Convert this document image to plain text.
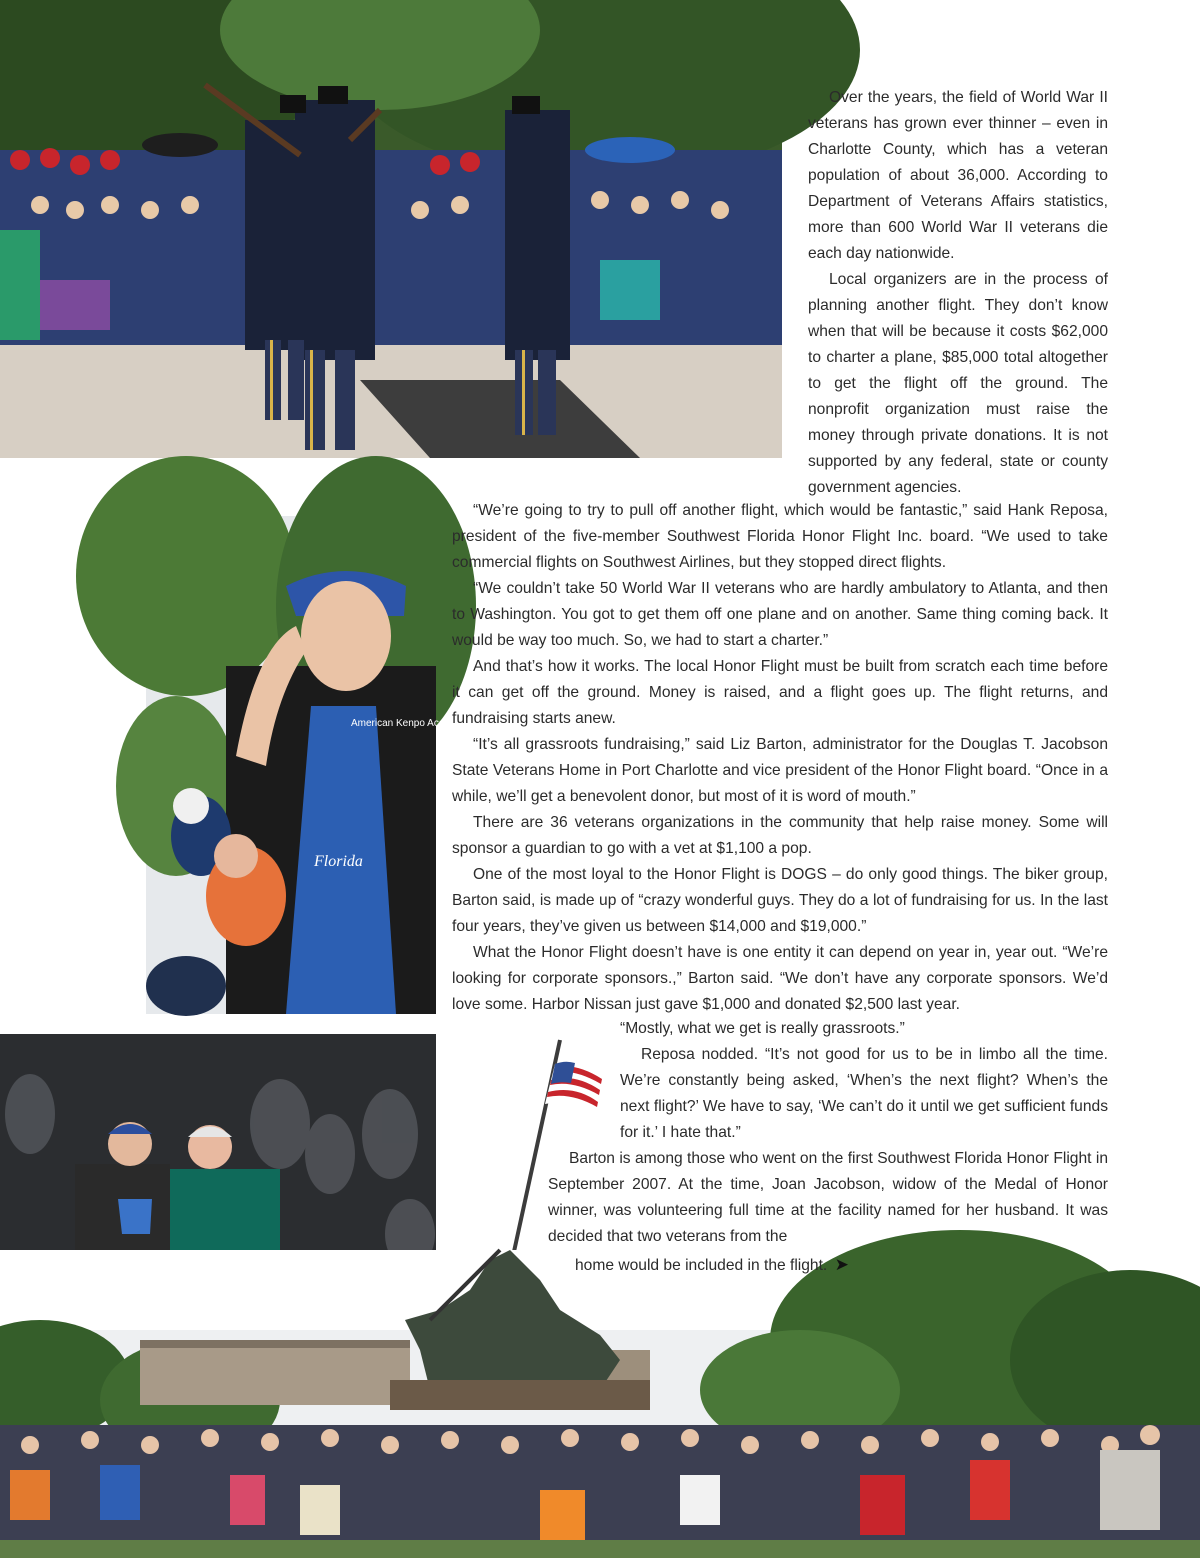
American Kenpo Academy
Florida

Over the years, the field of World War II veterans has grown ever thinner – even in Charlotte County, which has a veteran population of about 36,000. According to Department of Veterans Affairs statistics, more than 600 World War II veterans die each day nationwide.

Local organizers are in the process of planning another flight. They don’t know when that will be because it costs $62,000 to charter a plane, $85,000 total altogether to get the flight off the ground. The nonprofit organization must raise the money through private donations. It is not supported by any federal, state or county government agencies.

“We’re going to try to pull off another flight, which would be fantastic,” said Hank Reposa, president of the five-member Southwest Florida Honor Flight Inc. board. “We used to take commercial flights on Southwest Airlines, but they stopped direct flights.

“We couldn’t take 50 World War II veterans who are hardly ambulatory to Atlanta, and then to Washington. You got to get them off one plane and on another. Same thing coming back. It would be way too much. So, we had to start a charter.”

And that’s how it works. The local Honor Flight must be built from scratch each time before it can get off the ground. Money is raised, and a flight goes up. The flight returns, and fundraising starts anew.

“It’s all grassroots fundraising,” said Liz Barton, administrator for the Douglas T. Jacobson State Veterans Home in Port Charlotte and vice president of the Honor Flight board. “Once in a while, we’ll get a benevolent donor, but most of it is word of mouth.”

There are 36 veterans organizations in the community that help raise money. Some will sponsor a guardian to go with a vet at $1,100 a pop.

One of the most loyal to the Honor Flight is DOGS – do only good things. The biker group, Barton said, is made up of “crazy wonderful guys. They do a lot of fundraising for us. In the last four years, they’ve given us between $14,000 and $19,000.”

What the Honor Flight doesn’t have is one entity it can depend on year in, year out. “We’re looking for corporate sponsors.,” Barton said. “We don’t have any corporate sponsors. We’d love some. Harbor Nissan just gave $1,000 and donated $2,500 last year.

“Mostly, what we get is really grassroots.”

Reposa nodded. “It’s not good for us to be in limbo all the time. We’re constantly being asked, ‘When’s the next flight? When’s the next flight?’ We have to say, ‘We can’t do it until we get sufficient funds for it.’ I hate that.”

Barton is among those who went on the first Southwest Florida Honor Flight in September 2007. At the time, Joan Jacobson, widow of the Medal of Honor winner, was volunteering full time at the facility named for her husband. It was decided that two veterans from the

home would be included in the flight. ➤
